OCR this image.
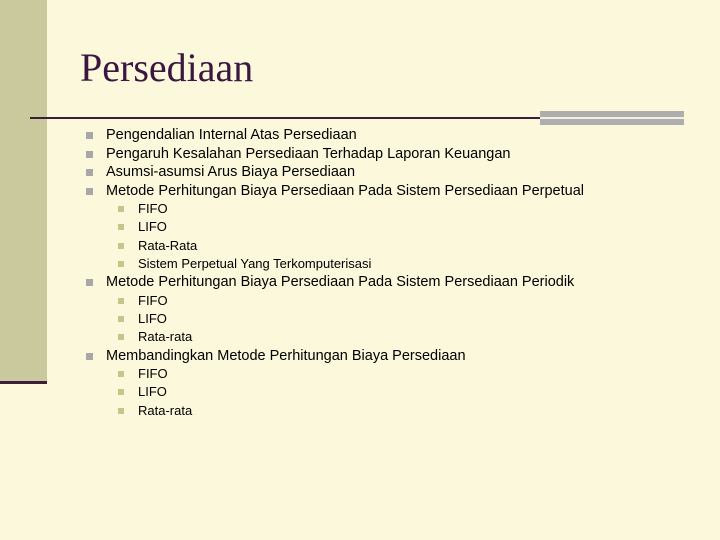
Persediaan
Pengendalian Internal Atas Persediaan
Pengaruh Kesalahan Persediaan Terhadap Laporan Keuangan
Asumsi-asumsi Arus Biaya Persediaan
Metode Perhitungan Biaya Persediaan Pada Sistem Persediaan Perpetual
FIFO
LIFO
Rata-Rata
Sistem Perpetual Yang Terkomputerisasi
Metode Perhitungan Biaya Persediaan Pada Sistem Persediaan Periodik
FIFO
LIFO
Rata-rata
Membandingkan Metode Perhitungan Biaya Persediaan
FIFO
LIFO
Rata-rata
